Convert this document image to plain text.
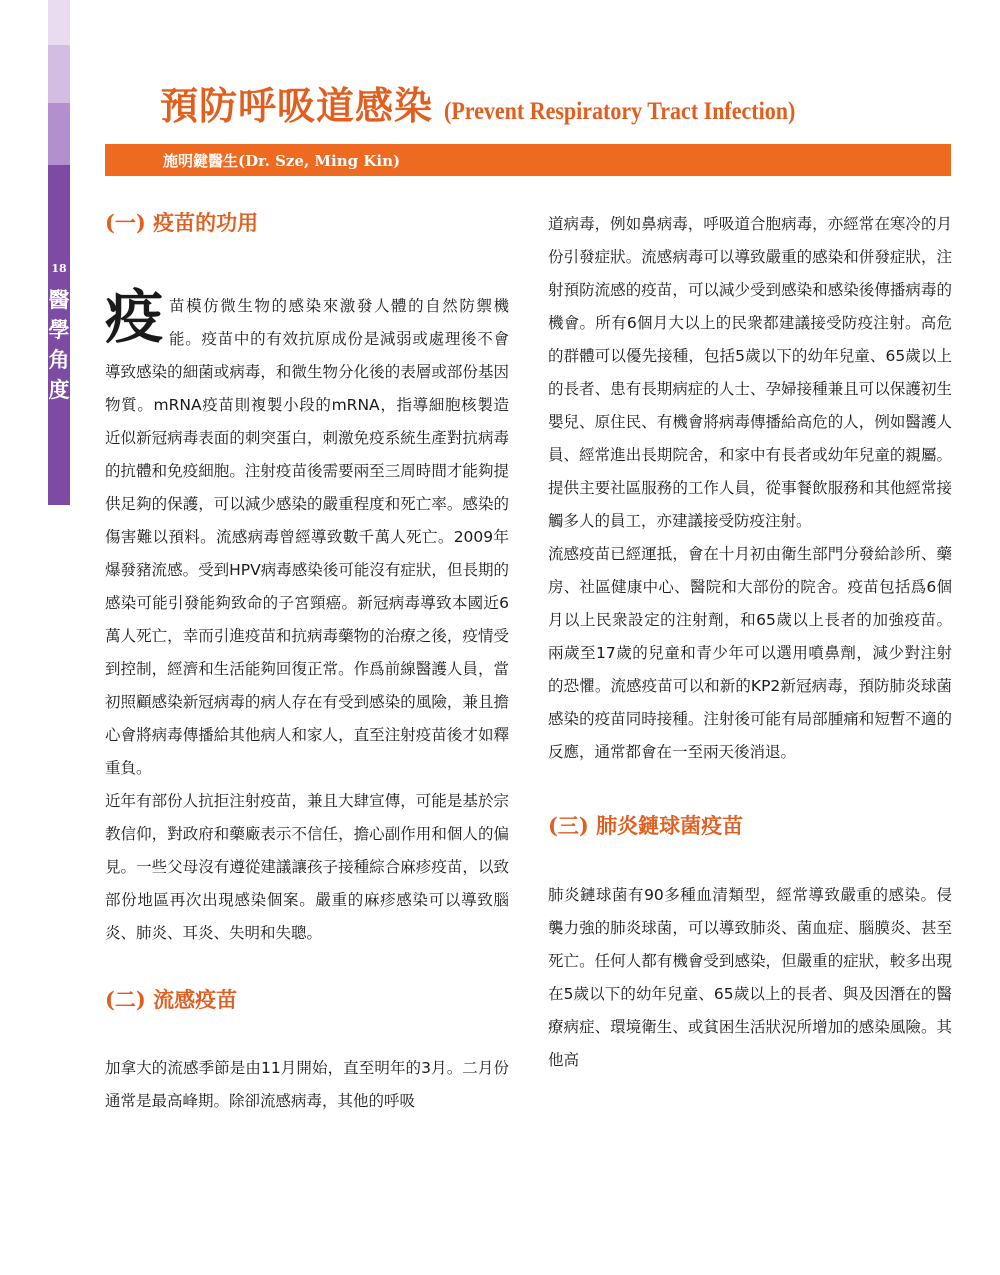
18
醫
學
角
度
預防呼吸道感染 (Prevent Respiratory Tract Infection)
施明鍵醫生(Dr. Sze, Ming Kin)
(一) 疫苗的功用

疫苗模仿微生物的感染來激發人體的自然防禦機能。疫苗中的有效抗原成份是減弱或處理後不會導致感染的細菌或病毒，和微生物分化後的表層或部份基因物質。mRNA疫苗則複製小段的mRNA，指導細胞核製造近似新冠病毒表面的刺突蛋白，刺激免疫系統生產對抗病毒的抗體和免疫細胞。注射疫苗後需要兩至三周時間才能夠提供足夠的保護，可以減少感染的嚴重程度和死亡率。感染的傷害難以預料。流感病毒曾經導致數千萬人死亡。2009年爆發豬流感。受到HPV病毒感染後可能沒有症狀，但長期的感染可能引發能夠致命的子宮頸癌。新冠病毒導致本國近6萬人死亡，幸而引進疫苗和抗病毒藥物的治療之後，疫情受到控制，經濟和生活能夠回復正常。作爲前線醫護人員，當初照顧感染新冠病毒的病人存在有受到感染的風險，兼且擔心會將病毒傳播給其他病人和家人，直至注射疫苗後才如釋重負。

近年有部份人抗拒注射疫苗，兼且大肆宣傳，可能是基於宗教信仰，對政府和藥廠表示不信任，擔心副作用和個人的偏見。一些父母沒有遵從建議讓孩子接種綜合麻疹疫苗，以致部份地區再次出現感染個案。嚴重的麻疹感染可以導致腦炎、肺炎、耳炎、失明和失聰。

(二) 流感疫苗

加拿大的流感季節是由11月開始，直至明年的3月。二月份通常是最高峰期。除卻流感病毒，其他的呼吸

道病毒，例如鼻病毒，呼吸道合胞病毒，亦經常在寒冷的月份引發症狀。流感病毒可以導致嚴重的感染和併發症狀，注射預防流感的疫苗，可以減少受到感染和感染後傳播病毒的機會。所有6個月大以上的民衆都建議接受防疫注射。高危的群體可以優先接種，包括5歲以下的幼年兒童、65歲以上的長者、患有長期病症的人士、孕婦接種兼且可以保護初生嬰兒、原住民、有機會將病毒傳播給高危的人，例如醫護人員、經常進出長期院舍，和家中有長者或幼年兒童的親屬。提供主要社區服務的工作人員，從事餐飲服務和其他經常接觸多人的員工，亦建議接受防疫注射。

流感疫苗已經運抵，會在十月初由衛生部門分發給診所、藥房、社區健康中心、醫院和大部份的院舍。疫苗包括爲6個月以上民衆設定的注射劑，和65歲以上長者的加強疫苗。兩歲至17歲的兒童和青少年可以選用噴鼻劑，減少對注射的恐懼。流感疫苗可以和新的KP2新冠病毒，預防肺炎球菌感染的疫苗同時接種。注射後可能有局部腫痛和短暫不適的反應，通常都會在一至兩天後消退。

(三) 肺炎鏈球菌疫苗

肺炎鏈球菌有90多種血清類型，經常導致嚴重的感染。侵襲力強的肺炎球菌，可以導致肺炎、菌血症、腦膜炎、甚至死亡。任何人都有機會受到感染，但嚴重的症狀，較多出現在5歲以下的幼年兒童、65歲以上的長者、與及因潛在的醫療病症、環境衛生、或貧困生活狀況所增加的感染風險。其他高
